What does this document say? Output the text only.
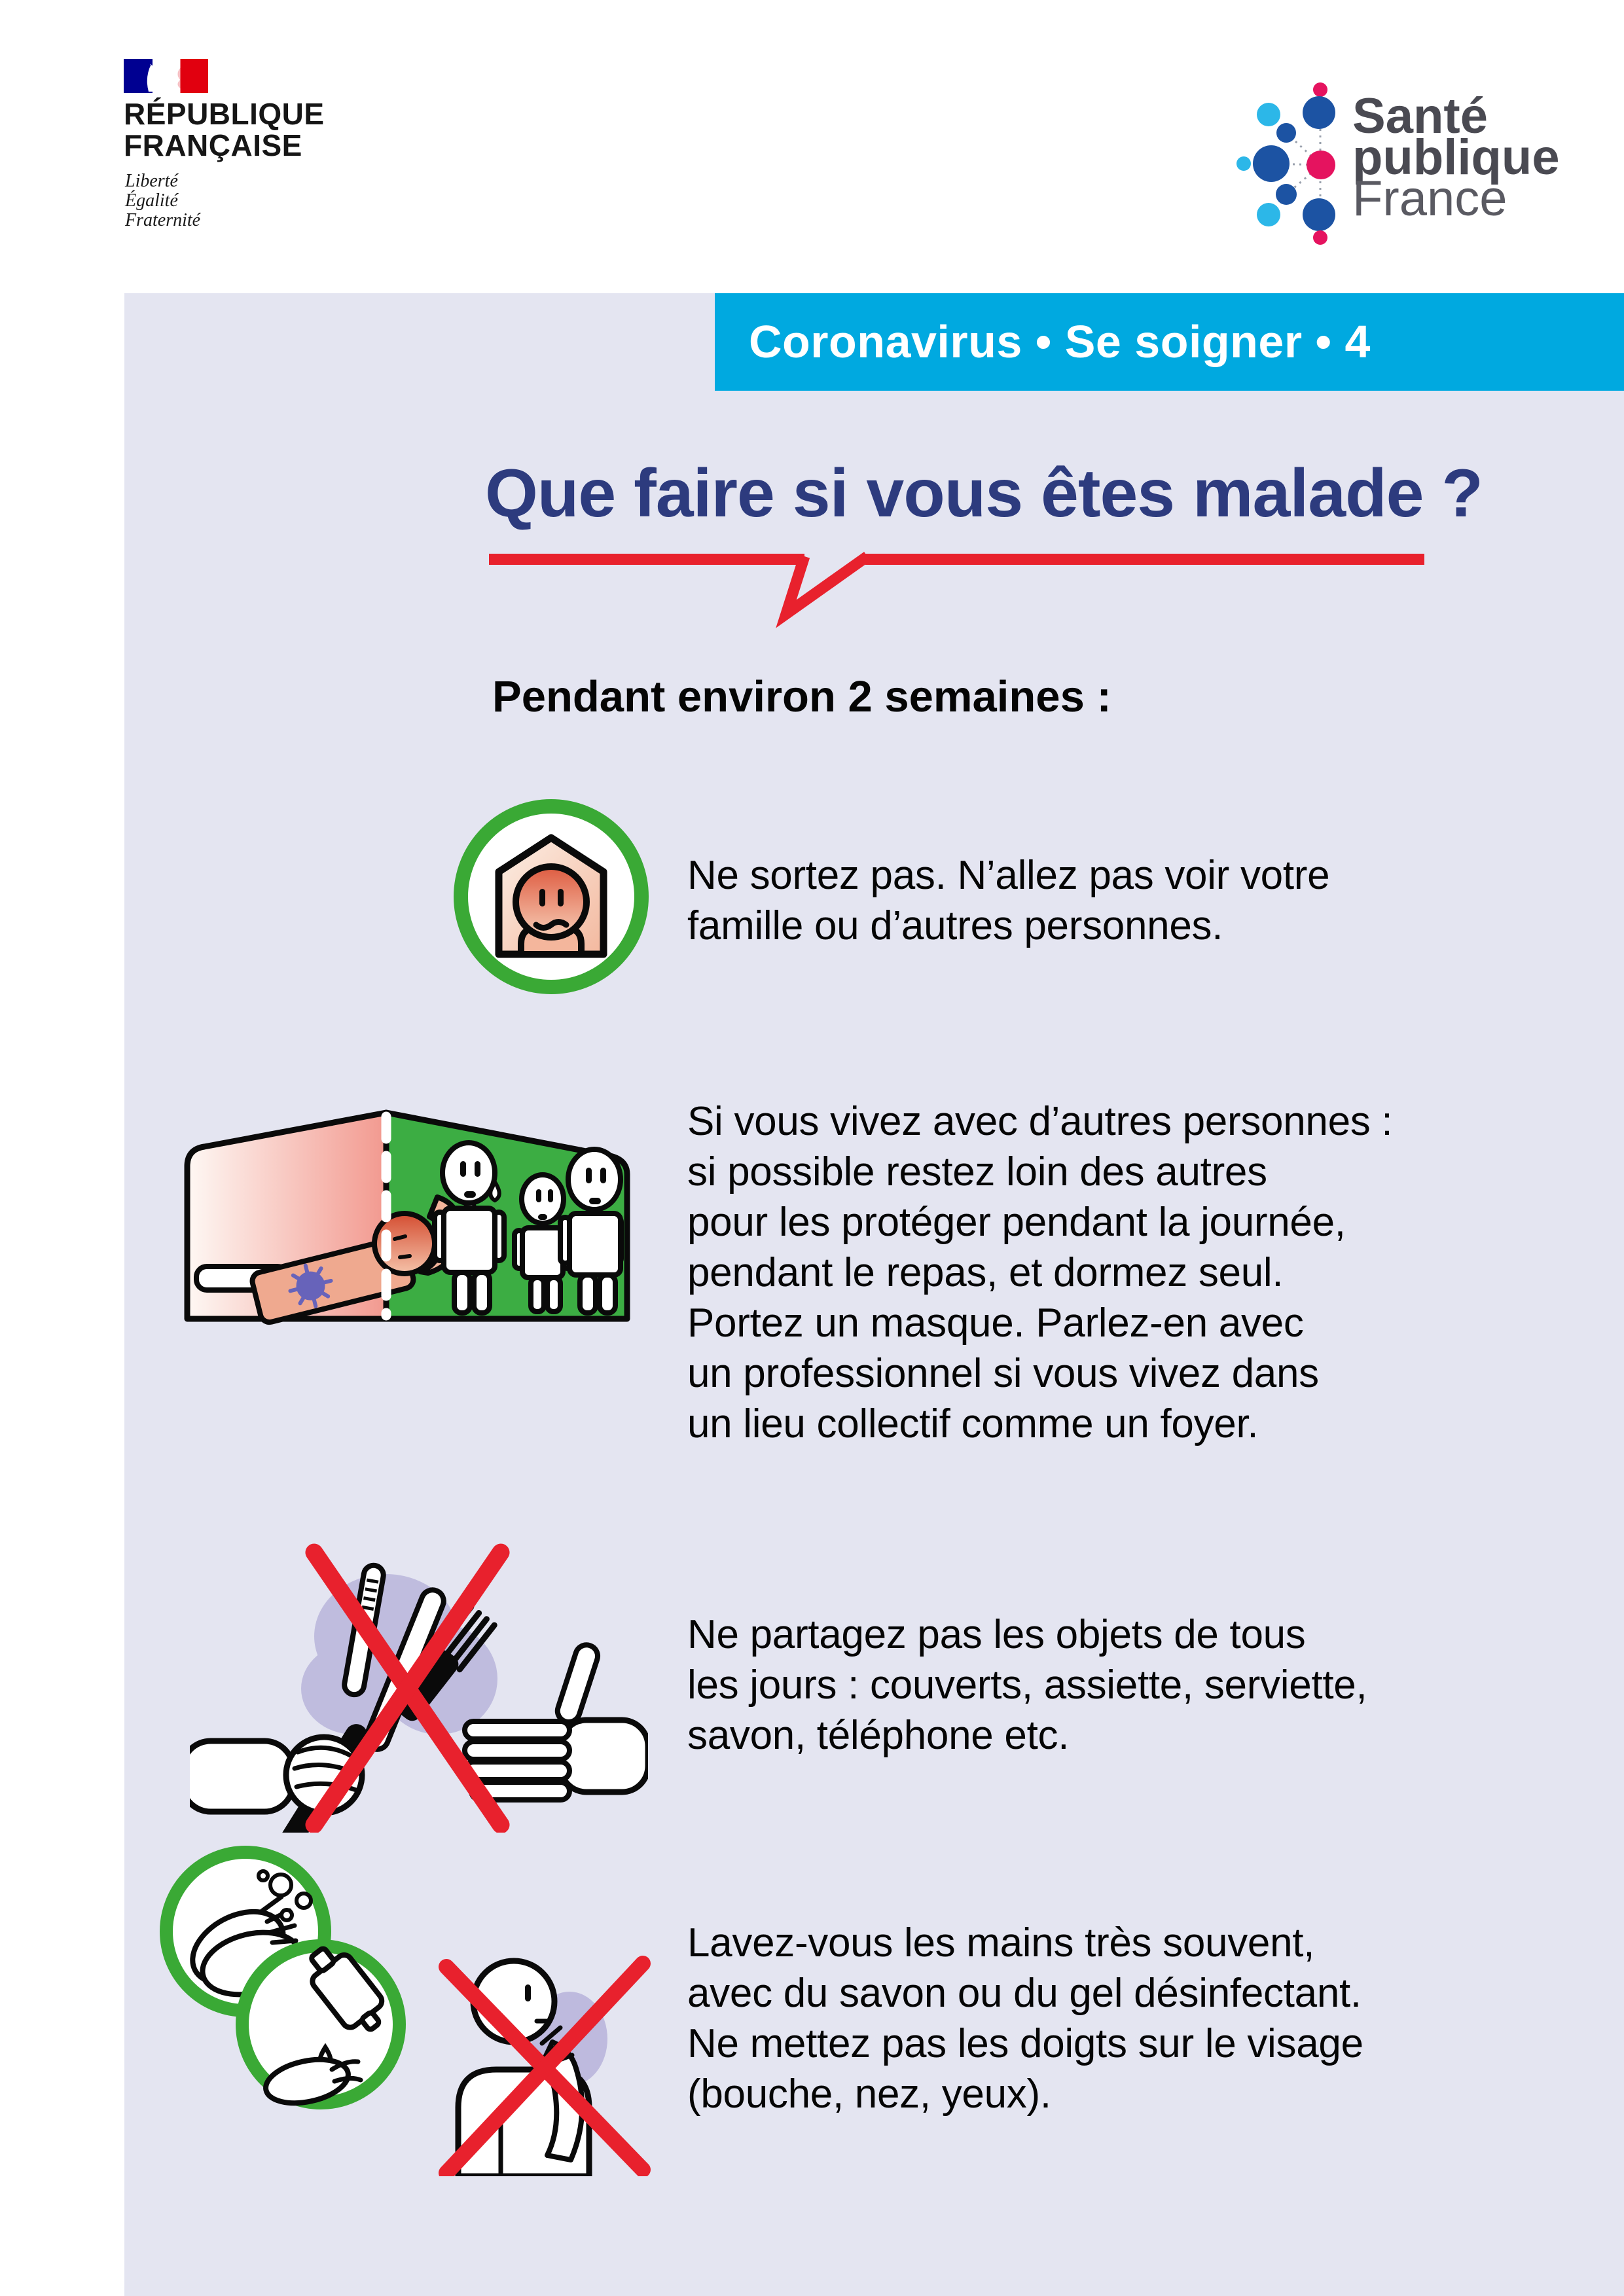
RÉPUBLIQUE
FRANÇAISE
Liberté
Égalité
Fraternité
Santé
publique
France
Coronavirus • Se soigner • 4
Que faire si vous êtes malade ?
Pendant environ 2 semaines :
Ne sortez pas. N’allez pas voir votre
famille ou d’autres personnes.
Si vous vivez avec d’autres personnes :
si possible restez loin des autres
pour les protéger pendant la journée,
pendant le repas, et dormez seul.
Portez un masque. Parlez-en avec
un professionnel si vous vivez dans
un lieu collectif comme un foyer.
Ne partagez pas les objets de tous
les jours : couverts, assiette, serviette,
savon, téléphone etc.
Lavez-vous les mains très souvent,
avec du savon ou du gel désinfectant.
Ne mettez pas les doigts sur le visage
(bouche, nez, yeux).
